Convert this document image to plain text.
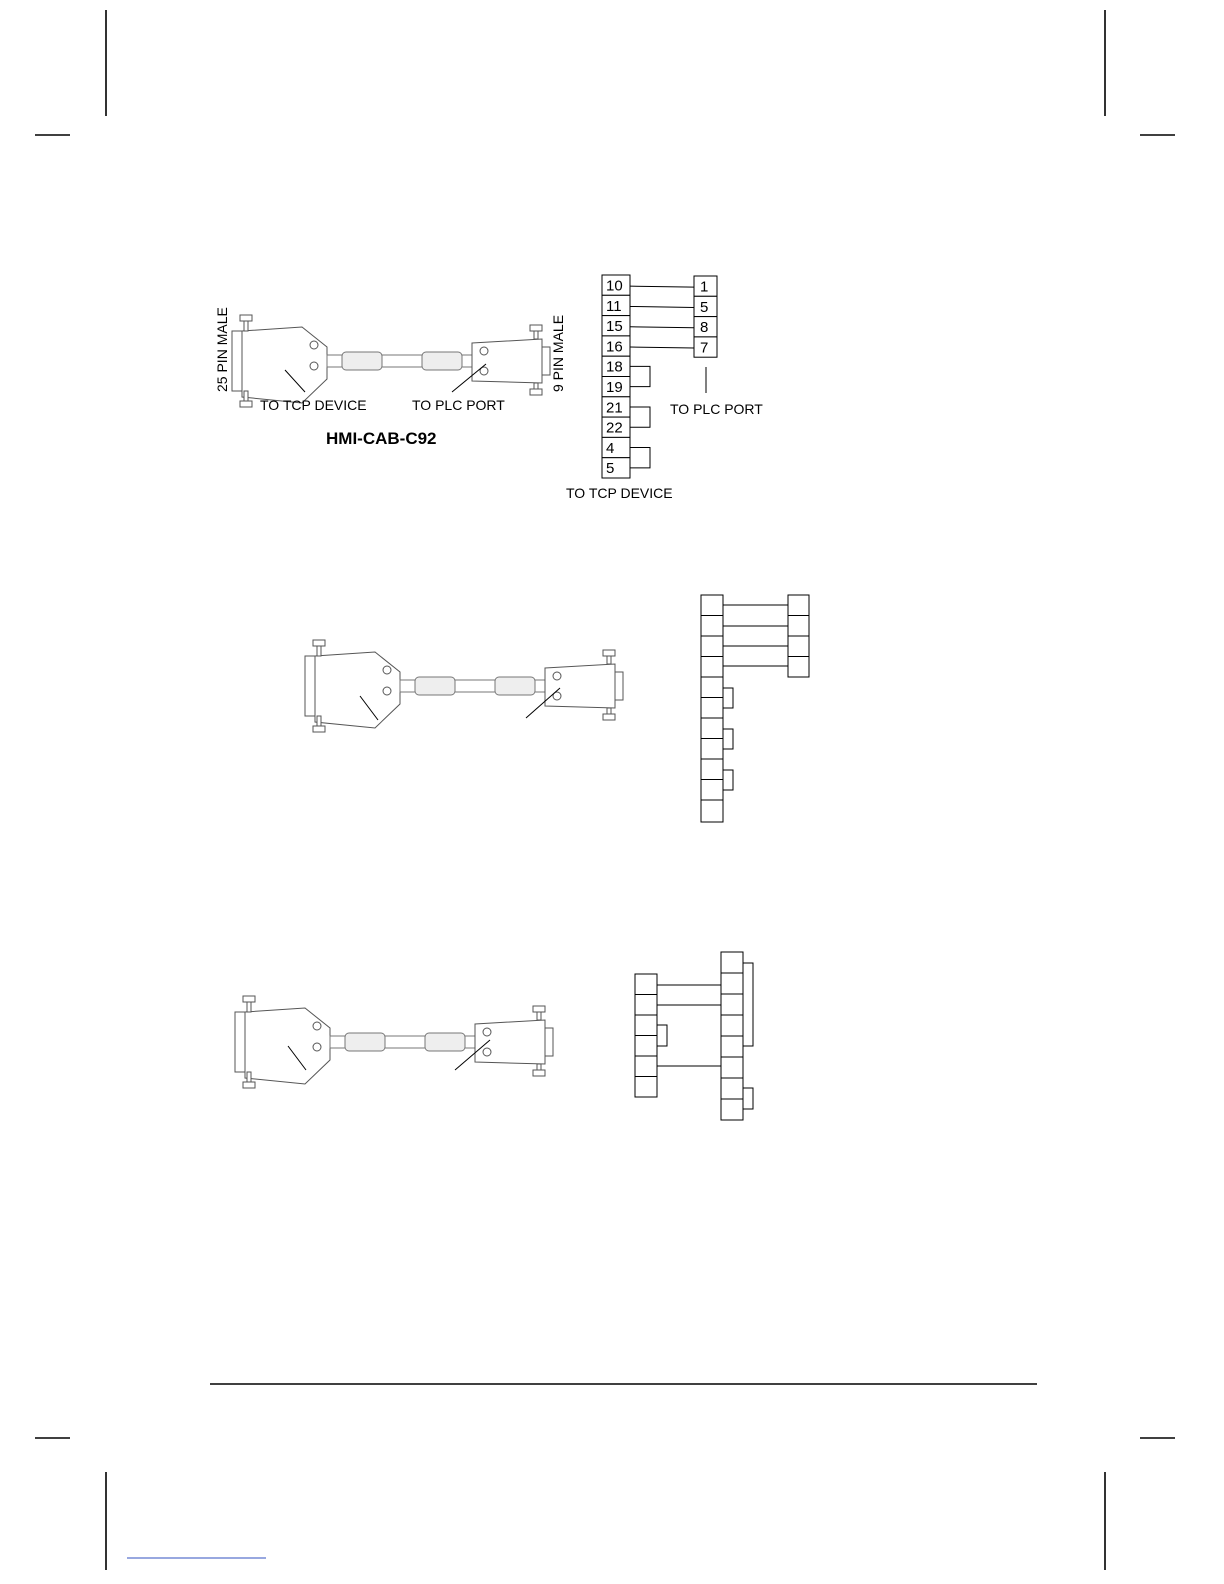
25 PIN MALE	9 PIN MALE
TO TCP DEVICE	TO PLC PORT
HMI-CAB-C92
10
11
15
16
18
19
21
22
4
5
1
5
8
7
TO TCP DEVICE
TO PLC PORT
